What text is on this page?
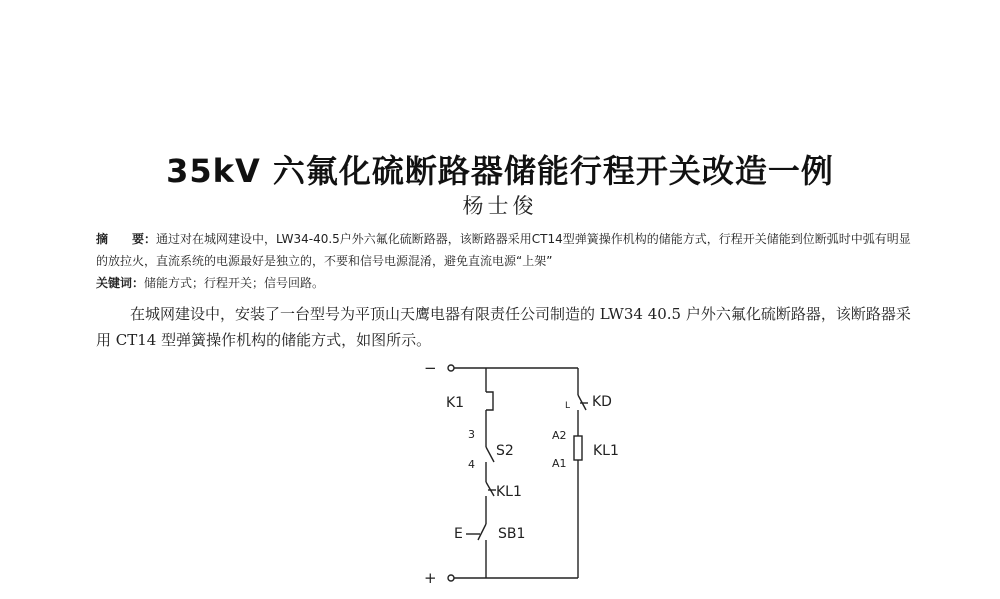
35kV 六氟化硫断路器储能行程开关改造一例
杨士俊
摘　　要：通过对在城网建设中，LW34-40.5户外六氟化硫断路器，该断路器采用CT14型弹簧操作机构的储能方式，行程开关储能到位断弧时中弧有明显的放拉火，直流系统的电源最好是独立的，不要和信号电源混淆，避免直流电源“上架”
关键词：储能方式；行程开关；信号回路。
在城网建设中，安装了一台型号为平顶山天鹰电器有限责任公司制造的 LW34 40.5 户外六氟化硫断路器，该断路器采用 CT14 型弹簧操作机构的储能方式，如图所示。
−
+
K1
3
4
S2
KL1
E	SB1
L KD
A2
A1
KL1
